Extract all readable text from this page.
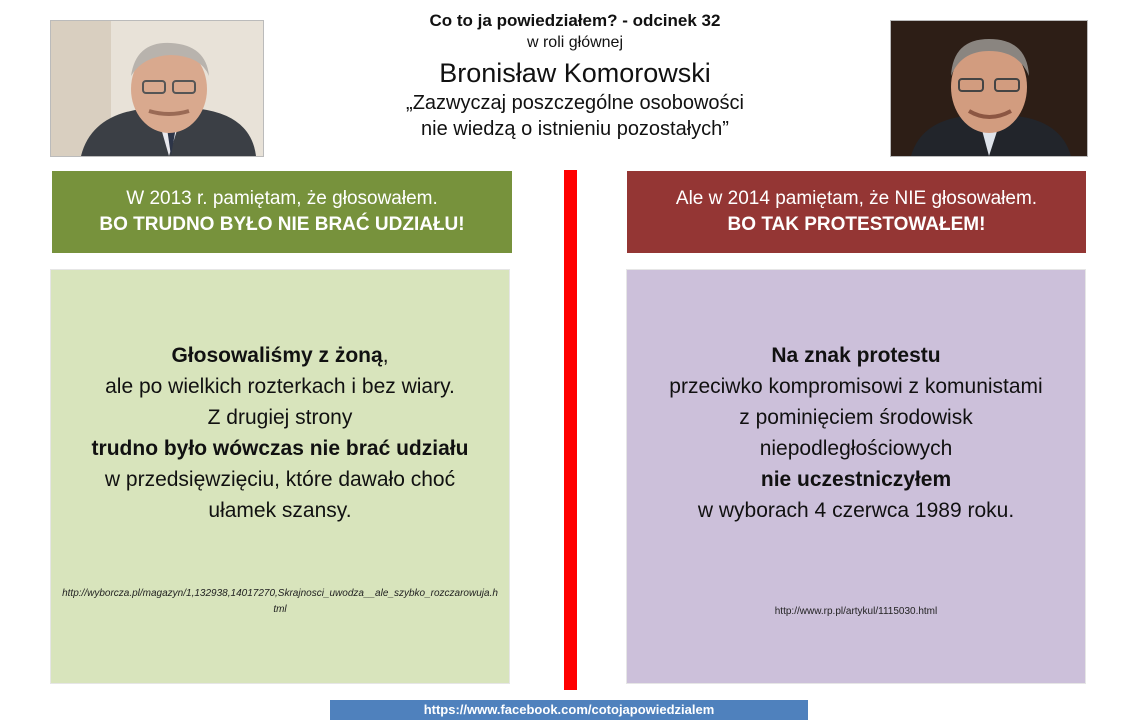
Co to ja powiedziałem? - odcinek 32
w roli głównej
Bronisław Komorowski
„Zazwyczaj poszczególne osobowości
nie wiedzą o istnieniu pozostałych”
W 2013 r. pamiętam, że głosowałem.
BO TRUDNO BYŁO NIE BRAĆ UDZIAŁU!
Ale w 2014 pamiętam, że NIE głosowałem.
BO TAK PROTESTOWAŁEM!
Głosowaliśmy z żoną,
ale po wielkich rozterkach i bez wiary.
Z drugiej strony
trudno było wówczas nie brać udziału
w przedsięwzięciu, które dawało choć
ułamek szansy.
http://wyborcza.pl/magazyn/1,132938,14017270,Skrajnosci_uwodza__ale_szybko_rozczarowuja.html
Na znak protestu
przeciwko kompromisowi z komunistami
z pominięciem środowisk
niepodległościowych
nie uczestniczyłem
w wyborach 4 czerwca 1989 roku.
http://www.rp.pl/artykul/1115030.html
https://www.facebook.com/cotojapowiedzialem
